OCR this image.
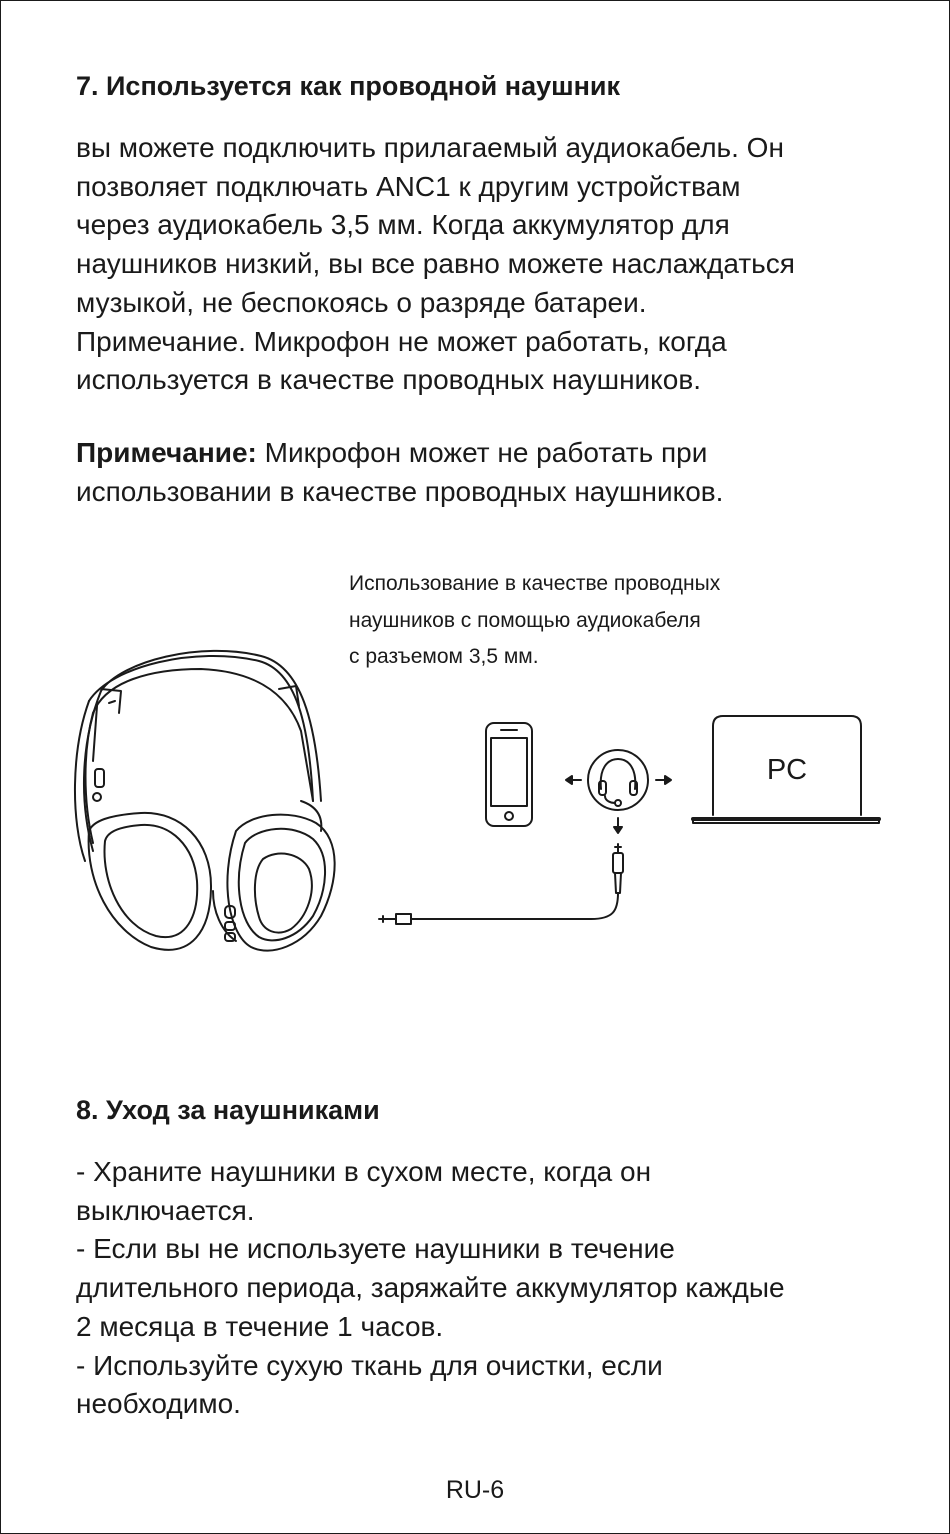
7. Используется как проводной наушник
вы можете подключить прилагаемый аудиокабель. Он
позволяет подключать ANC1 к другим устройствам
через аудиокабель 3,5 мм. Когда аккумулятор для
наушников низкий, вы все равно можете наслаждаться
музыкой, не беспокоясь о разряде батареи.
Примечание. Микрофон не может работать, когда
используется в качестве проводных наушников.
Примечание: Микрофон может не работать при
использовании в качестве проводных наушников.
Использование в качестве проводных
наушников с помощью аудиокабеля
с разъемом 3,5 мм.
PC
8. Уход за наушниками
- Храните наушники в сухом месте, когда он
выключается.
- Если вы не используете наушники в течение
длительного периода, заряжайте аккумулятор каждые
2 месяца в течение 1 часов.
- Используйте сухую ткань для очистки, если
необходимо.
RU-6
